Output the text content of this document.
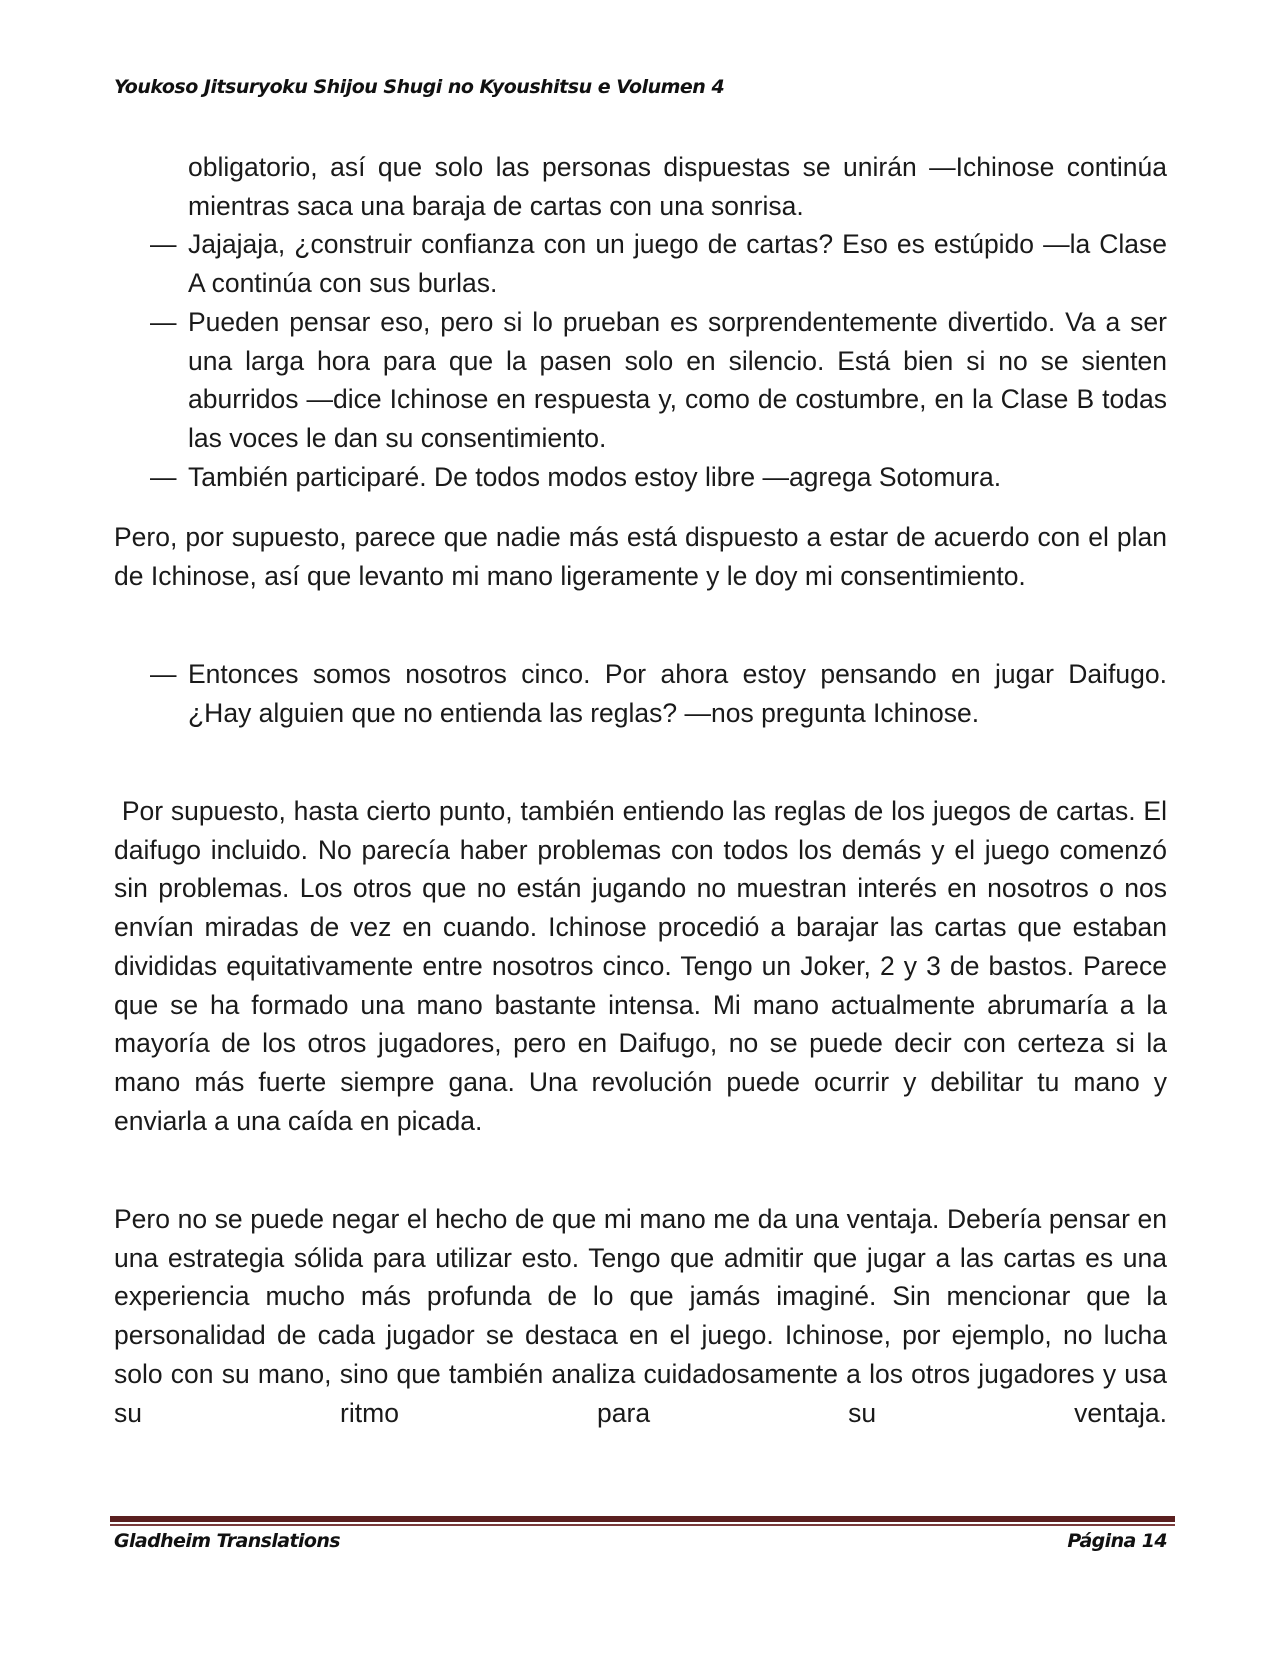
Youkoso Jitsuryoku Shijou Shugi no Kyoushitsu e Volumen 4
obligatorio, así que solo las personas dispuestas se unirán —Ichinose continúa mientras saca una baraja de cartas con una sonrisa.
— Jajajaja, ¿construir confianza con un juego de cartas? Eso es estúpido —la Clase A continúa con sus burlas.
— Pueden pensar eso, pero si lo prueban es sorprendentemente divertido. Va a ser una larga hora para que la pasen solo en silencio. Está bien si no se sienten aburridos —dice Ichinose en respuesta y, como de costumbre, en la Clase B todas las voces le dan su consentimiento.
— También participaré. De todos modos estoy libre —agrega Sotomura.
Pero, por supuesto, parece que nadie más está dispuesto a estar de acuerdo con el plan de Ichinose, así que levanto mi mano ligeramente y le doy mi consentimiento.
— Entonces somos nosotros cinco. Por ahora estoy pensando en jugar Daifugo. ¿Hay alguien que no entienda las reglas? —nos pregunta Ichinose.
Por supuesto, hasta cierto punto, también entiendo las reglas de los juegos de cartas. El daifugo incluido. No parecía haber problemas con todos los demás y el juego comenzó sin problemas. Los otros que no están jugando no muestran interés en nosotros o nos envían miradas de vez en cuando. Ichinose procedió a barajar las cartas que estaban divididas equitativamente entre nosotros cinco. Tengo un Joker, 2 y 3 de bastos. Parece que se ha formado una mano bastante intensa. Mi mano actualmente abrumaría a la mayoría de los otros jugadores, pero en Daifugo, no se puede decir con certeza si la mano más fuerte siempre gana. Una revolución puede ocurrir y debilitar tu mano y enviarla a una caída en picada.
Pero no se puede negar el hecho de que mi mano me da una ventaja. Debería pensar en una estrategia sólida para utilizar esto. Tengo que admitir que jugar a las cartas es una experiencia mucho más profunda de lo que jamás imaginé. Sin mencionar que la personalidad de cada jugador se destaca en el juego. Ichinose, por ejemplo, no lucha solo con su mano, sino que también analiza cuidadosamente a los otros jugadores y usa su ritmo para su ventaja.
Gladheim Translations	Página 14
